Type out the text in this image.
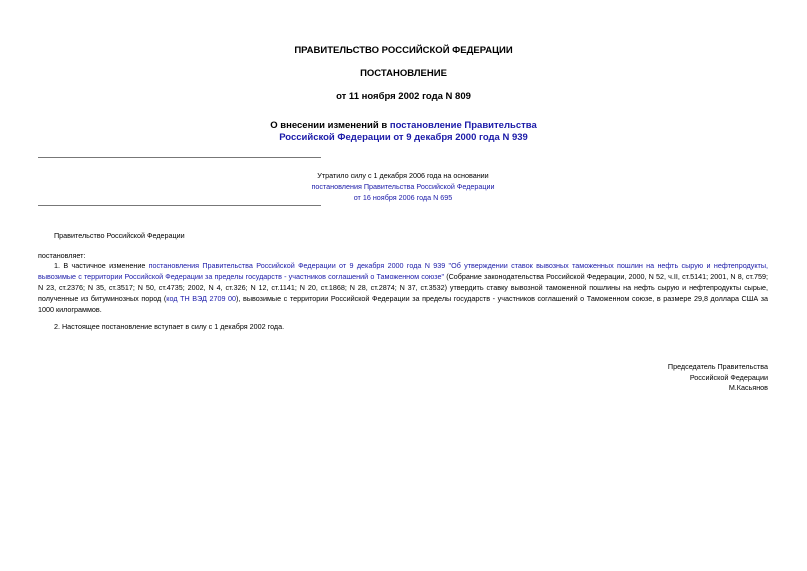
ПРАВИТЕЛЬСТВО РОССИЙСКОЙ ФЕДЕРАЦИИ
ПОСТАНОВЛЕНИЕ
от 11 ноября 2002 года N 809
О внесении изменений в постановление Правительства
Российской Федерации от 9 декабря 2000 года N 939
Утратило силу с 1 декабря 2006 года на основании
постановления Правительства Российской Федерации
от 16 ноября 2006 года N 695
Правительство Российской Федерации
постановляет:
1. В частичное изменение постановления Правительства Российской Федерации от 9 декабря 2000 года N 939 "Об утверждении ставок вывозных таможенных пошлин на нефть сырую и нефтепродукты, вывозимые с территории Российской Федерации за пределы государств - участников соглашений о Таможенном союзе" (Собрание законодательства Российской Федерации, 2000, N 52, ч.II, ст.5141; 2001, N 8, ст.759; N 23, ст.2376; N 35, ст.3517; N 50, ст.4735; 2002, N 4, ст.326; N 12, ст.1141; N 20, ст.1868; N 28, ст.2874; N 37, ст.3532) утвердить ставку вывозной таможенной пошлины на нефть сырую и нефтепродукты сырые, полученные из битуминозных пород (код ТН ВЭД 2709 00), вывозимые с территории Российской Федерации за пределы государств - участников соглашений о Таможенном союзе, в размере 29,8 доллара США за 1000 килограммов.
2. Настоящее постановление вступает в силу с 1 декабря 2002 года.
Председатель Правительства
Российской Федерации
М.Касьянов
